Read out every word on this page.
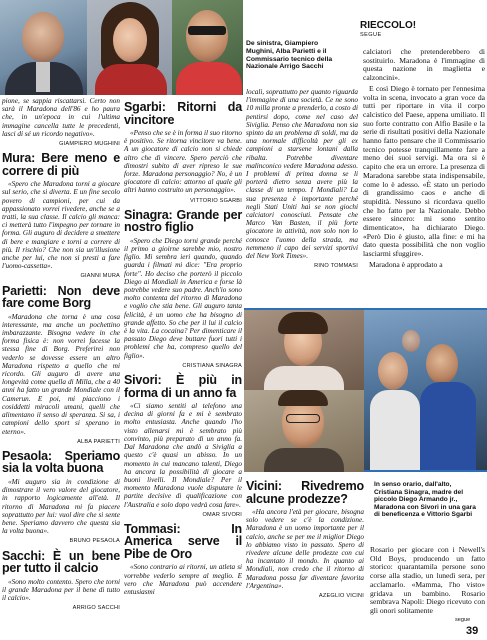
De sinistra, Giampiero Mughini, Alba Parietti e il Commissario tecnico della Nazionale Arrigo Sacchi
RIECCOLO!
SEGUE

pione, se sappia riscattarsi. Certo non sarà il Maradona dell'86 e ho paura che, in un'epoca in cui l'ultima immagine cancella tutte le precedenti, lasci di sé un ricordo negativo».

GIAMPIERO MUGHINI
Mura: Bere meno e correre di più

«Spero che Maradona torni a giocare sul serio, che si diverta. E un fine secolo povero di campioni, per cui da appassionato vorrei rivedere, anche se a tratti, la sua classe. Il calcio gli manca: ci metterà tutto l'impegno per tornare in forma. Gli auguro di decidere a smettere di bere e mangiare e torni a correre di più. Il rischio? Che non sia un'illusione anche per lui, che non si presti a fare l'uomo-cassetta».

GIANNI MURA
Parietti: Non deve fare come Borg

«Maradona che torna è una cosa interessante, ma anche un pochettino imbarazzante. Bisogna vedere in che forma fisica è: non vorrei facesse la stessa fine di Borg. Preferirei non vederlo se dovesse essere un altro Maradona rispetto a quello che mi ricordo. Gli auguro di avere una longevità come quella di Milla, che a 40 anni ha fatto un grande Mondiale con il Camerun. E poi, mi piacciono i cosiddetti miracoli umani, quelli che alimentano il senso di speranza. Si sa, i campioni dello sport si sperano in eterno».

ALBA PARIETTI
Pesaola: Speriamo sia la volta buona

«Mi auguro sia in condizione di dimostrare il vero valore del giocatore, in rapporto logicamente all'età. Il ritorno di Maradona mi fa piacere soprattutto per lui: vuol dire che si sente bene. Speriamo davvero che questa sia la volta buona».

BRUNO PESAOLA
Sacchi: È un bene per tutto il calcio

«Sono molto contento. Spero che torni il grande Maradona per il bene di tutto il calcio».

ARRIGO SACCHI
Sgarbi: Ritorni da vincitore

«Penso che se è in forma il suo ritorno è positivo. Se ritorna vincitore va bene. A un giocatore di calcio non si chiede altro che di vincere. Spero perciò che dimostri subito di aver ripreso le sue forze. Maradona personaggio? No, è un giocatore di calcio: attorno al quale gli altri hanno costruito un personaggio».

VITTORIO SGARBI
Sinagra: Grande per nostro figlio

«Spero che Diego torni grande perché il primo a gioirne sarebbe mio, nostro figlio. Mi sembra ieri quando, quando guarda i filmati mi dice: "Era proprio forte". Ho deciso che porterò il piccolo Diego ai Mondiali in America e forse là potrebbe vedere suo padre. Anch'io sono molto contenta del ritorno di Maradona e voglio che stia bene. Gli auguro tanta felicità, è un uomo che ha bisogno di grande affetto. So che per il lui il calcio è la vita. La cocaina? Per dimenticare il passato Diego deve buttare fuori tutti i problemi che ha, compreso quello del figlio».

CRISTIANA SINAGRA
Sivori: È più in forma di un anno fa

«Ci siamo sentiti al telefono una decina di giorni fa e mi è sembrato molto entusiasta. Anche quando l'ho visto allenarsi mi è sembrato più convinto, più preparato di un anno fa. Dal Maradona che andò a Siviglia a questo c'è quasi un abisso. In un momento in cui mancano talenti, Diego ha ancora la possibilità di giocare a buoni livelli. Il Mondiale? Per il momento Maradona vuole disputare le partite decisive di qualificazione con l'Australia e solo dopo vedrà cosa fare».

OMAR SIVORI
Tommasi: In America serve il Pibe de Oro

«Sono contrario ai ritorni, un atleta si vorrebbe vederlo sempre al meglio. E vero che Maradona può accendere entusiasmi

locali, soprattutto per quanto riguarda l'immagine di una società. Ce ne sono 10 milla pronte a prenderlo, a costo di pentirsi dopo, come nel caso del Siviglia. Penso che Maradona non sia spinto da un problema di soldi, ma da una normale difficoltà per gli ex campioni a starsene lontani dalla ribalta. Potrebbe diventare malinconico vedere Maradona adesso. I problemi di prima donna se li porterà dietro senza avere più la classe di un tempo. I Mondiali? La sua presenza è importante perché negli Stati Uniti hai se non giochi calciatori conosciuti. Pensate che Marco Van Basten, il più forte giocatore in attività, non solo non lo conosce l'uomo della strada, ma nemmeno il capo dei servizi sportivi del New York Times».

RINO TOMMASI
In senso orario, dall'alto, Cristiana Sinagra, madre del piccolo Diego Armando jr., Maradona con Sivori in una gara di beneficenza e Vittorio Sgarbi
Vicini: Rivedremo alcune prodezze?

«Ha ancora l'età per giocare, bisogna solo vedere se c'è la condizione. Maradona è un uomo importante per il calcio, anche se per me il miglior Diego lo abbiamo visto in passato. Spero di rivedere alcune delle prodezze con cui ha incantato il mondo. In quanto ai Mondiali, non credo che il ritorno di Maradona possa far diventare favorita l'Argentina».

AZEGLIO VICINI

calciatori che pretenderebbero di sostituirlo. Maradona è l'immagine di questa nazione in maglietta e calzoncini».

E così Diego è tornato per l'ennesima volta in scena, invocato a gran voce da tutti per riportare in vita il corpo calcistico del Paese, appena umiliato. Il suo forte contratto con Alfio Basile e la serie di risultati positivi della Nazionale hanno fatto pensare che il Commissario tecnico potesse tranquillamente fare a meno dei suoi servigi. Ma ora si è capito che era un errore. La presenza di Maradona sarebbe stata indispensabile, come lo è adesso. «È stato un periodo di grandissimo caos e anche di stupidità. Nessuno si ricordava quello che ho fatto per la Nazionale. Debbo essere sincero: mi sono sentito dimenticato», ha dichiarato Diego. «Però Dio è giusto, alla fine: e mi ha dato questa possibilità che non voglio lasciarmi sfuggire».

Maradona è approdato a

Rosario per giocare con i Newell's Old Boys, producendo un fatto storico: quarantamila persone sono corse alla stadio, un lunedì sera, per acclamarlo. «Mamma, l'ho visto» gridava un bambino. Rosario sembrava Napoli: Diego ricevuto con gli onori solitamente

segue
39
